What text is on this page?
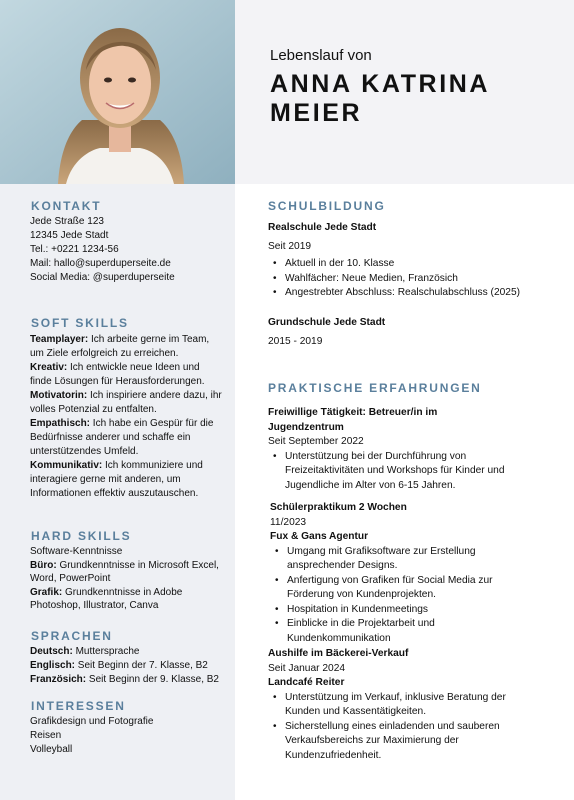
Lebenslauf von
ANNA KATRINA
MEIER
KONTAKT
Jede Straße 123
12345 Jede Stadt
Tel.: +0221 1234-56
Mail: hallo@superduperseite.de
Social Media: @superduperseite
SOFT SKILLS
Teamplayer: Ich arbeite gerne im Team, um Ziele erfolgreich zu erreichen.
Kreativ: Ich entwickle neue Ideen und finde Lösungen für Herausforderungen.
Motivatorin: Ich inspiriere andere dazu, ihr volles Potenzial zu entfalten.
Empathisch: Ich habe ein Gespür für die Bedürfnisse anderer und schaffe ein unterstützendes Umfeld.
Kommunikativ: Ich kommuniziere und interagiere gerne mit anderen, um Informationen effektiv auszutauschen.
HARD SKILLS
Software-Kenntnisse
Büro: Grundkenntnisse in Microsoft Excel, Word, PowerPoint
Grafik: Grundkenntnisse in Adobe Photoshop, Illustrator, Canva
SPRACHEN
Deutsch: Muttersprache
Englisch: Seit Beginn der 7. Klasse, B2
Französich: Seit Beginn der 9. Klasse, B2
INTERESSEN
Grafikdesign und Fotografie
Reisen
Volleyball
SCHULBILDUNG
Realschule Jede Stadt
Seit 2019
• Aktuell in der 10. Klasse
• Wahlfächer: Neue Medien, Französich
• Angestrebter Abschluss: Realschulabschluss (2025)
Grundschule Jede Stadt
2015 - 2019
PRAKTISCHE ERFAHRUNGEN
Freiwillige Tätigkeit: Betreuer/in im Jugendzentrum
Seit September 2022
• Unterstützung bei der Durchführung von Freizeitaktivitäten und Workshops für Kinder und Jugendliche im Alter von 6-15 Jahren.
Schülerpraktikum 2 Wochen
11/2023
Fux & Gans Agentur
• Umgang mit Grafiksoftware zur Erstellung ansprechender Designs.
• Anfertigung von Grafiken für Social Media zur Förderung von Kundenprojekten.
• Hospitation in Kundenmeetings
• Einblicke in die Projektarbeit und Kundenkommunikation
Aushilfe im Bäckerei-Verkauf
Seit Januar 2024
Landcafé Reiter
• Unterstützung im Verkauf, inklusive Beratung der Kunden und Kassentätigkeiten.
• Sicherstellung eines einladenden und sauberen Verkaufsbereichs zur Maximierung der Kundenzufriedenheit.
